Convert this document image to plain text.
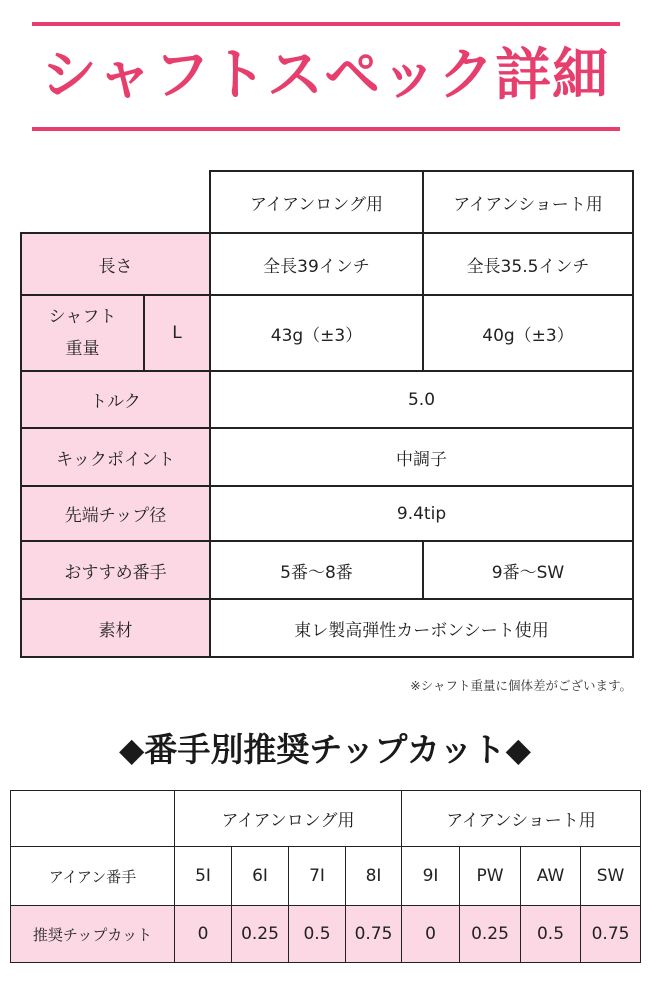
シャフトスペック詳細
		アイアンロング用	アイアンショート用
長さ		全長39インチ	全長35.5インチ
シャフト
重量	L	43g（±3）	40g（±3）
トルク		5.0	
キックポイント		中調子	
先端チップ径		9.4tip	
おすすめ番手		5番〜8番	9番〜SW
素材		東レ製高弾性カーボンシート使用	
※シャフト重量に個体差がございます。
◆番手別推奨チップカット◆
	アイアンロング用				アイアンショート用			
アイアン番手	5I	6I	7I	8I	9I	PW	AW	SW
推奨チップカット	0	0.25	0.5	0.75	0	0.25	0.5	0.75
